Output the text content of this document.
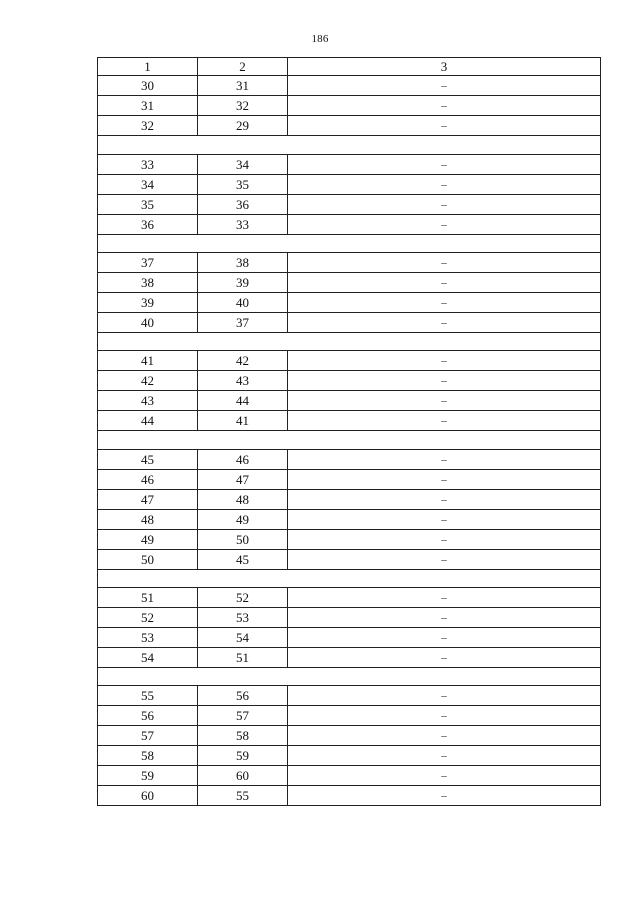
186
1	2	3
30	31	–
31	32	–
32	29	–

33	34	–
34	35	–
35	36	–
36	33	–

37	38	–
38	39	–
39	40	–
40	37	–

41	42	–
42	43	–
43	44	–
44	41	–

45	46	–
46	47	–
47	48	–
48	49	–
49	50	–
50	45	–

51	52	–
52	53	–
53	54	–
54	51	–

55	56	–
56	57	–
57	58	–
58	59	–
59	60	–
60	55	–
